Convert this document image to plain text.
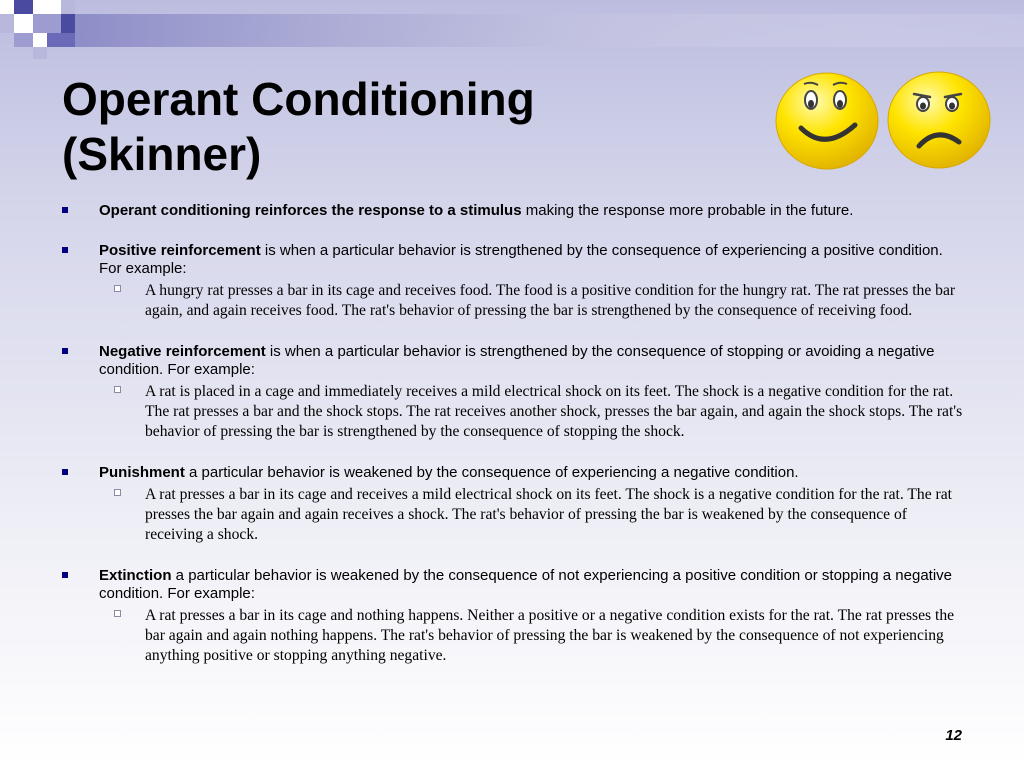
Operant Conditioning
(Skinner)

Operant conditioning reinforces the response to a stimulus making the response more probable in the future.

Positive reinforcement is when a particular behavior is strengthened by the consequence of experiencing a positive condition. For example:

A hungry rat presses a bar in its cage and receives food. The food is a positive condition for the hungry rat. The rat presses the bar again, and again receives food. The rat's behavior of pressing the bar is strengthened by the consequence of receiving food.

Negative reinforcement is when a particular behavior is strengthened by the consequence of stopping or avoiding a negative condition. For example:

A rat is placed in a cage and immediately receives a mild electrical shock on its feet. The shock is a negative condition for the rat. The rat presses a bar and the shock stops. The rat receives another shock, presses the bar again, and again the shock stops. The rat's behavior of pressing the bar is strengthened by the consequence of stopping the shock.

Punishment a particular behavior is weakened by the consequence of experiencing a negative condition.

A rat presses a bar in its cage and receives a mild electrical shock on its feet. The shock is a negative condition for the rat. The rat presses the bar again and again receives a shock. The rat's behavior of pressing the bar is weakened by the consequence of receiving a shock.

Extinction a particular behavior is weakened by the consequence of not experiencing a positive condition or stopping a negative condition. For example:

A rat presses a bar in its cage and nothing happens. Neither a positive or a negative condition exists for the rat. The rat presses the bar again and again nothing happens. The rat's behavior of pressing the bar is weakened by the consequence of not experiencing anything positive or stopping anything negative.

12
